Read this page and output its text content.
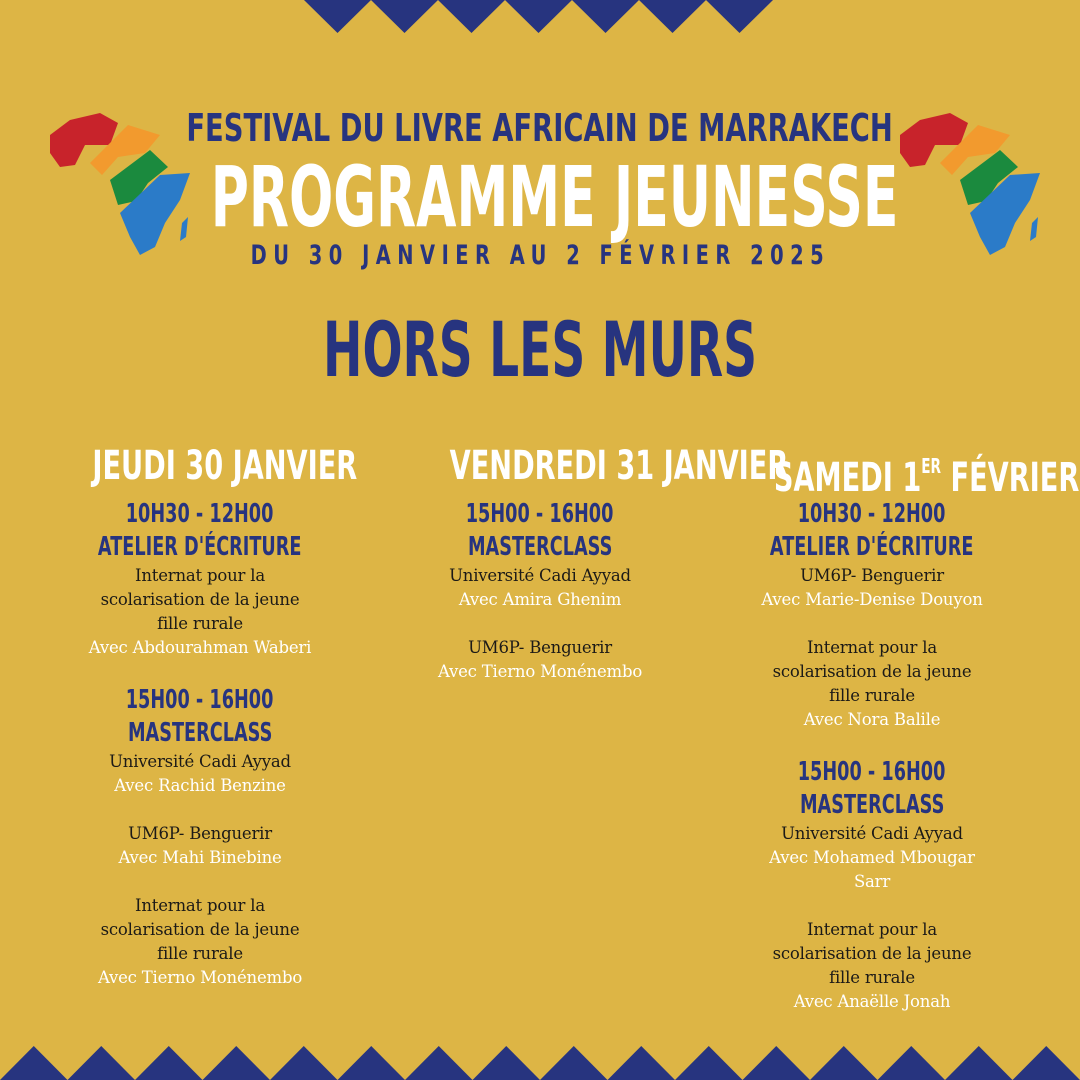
FESTIVAL DU LIVRE AFRICAIN DE MARRAKECH
PROGRAMME JEUNESSE
DU 30 JANVIER AU 2 FÉVRIER 2025
HORS LES MURS
JEUDI 30 JANVIER
10H30 - 12H00
ATELIER D'ÉCRITURE
Internat pour la
scolarisation de la jeune
fille rurale
Avec Abdourahman Waberi
15H00 - 16H00
MASTERCLASS
Université Cadi Ayyad
Avec Rachid Benzine
UM6P- Benguerir
Avec Mahi Binebine
Internat pour la
scolarisation de la jeune
fille rurale
Avec Tierno Monénembo
VENDREDI 31 JANVIER
15H00 - 16H00
MASTERCLASS
Université Cadi Ayyad
Avec Amira Ghenim
UM6P- Benguerir
Avec Tierno Monénembo
SAMEDI 1ER FÉVRIER
10H30 - 12H00
ATELIER D'ÉCRITURE
UM6P- Benguerir
Avec Marie-Denise Douyon
Internat pour la
scolarisation de la jeune
fille rurale
Avec Nora Balile
15H00 - 16H00
MASTERCLASS
Université Cadi Ayyad
Avec Mohamed Mbougar
Sarr
Internat pour la
scolarisation de la jeune
fille rurale
Avec Anaëlle Jonah
